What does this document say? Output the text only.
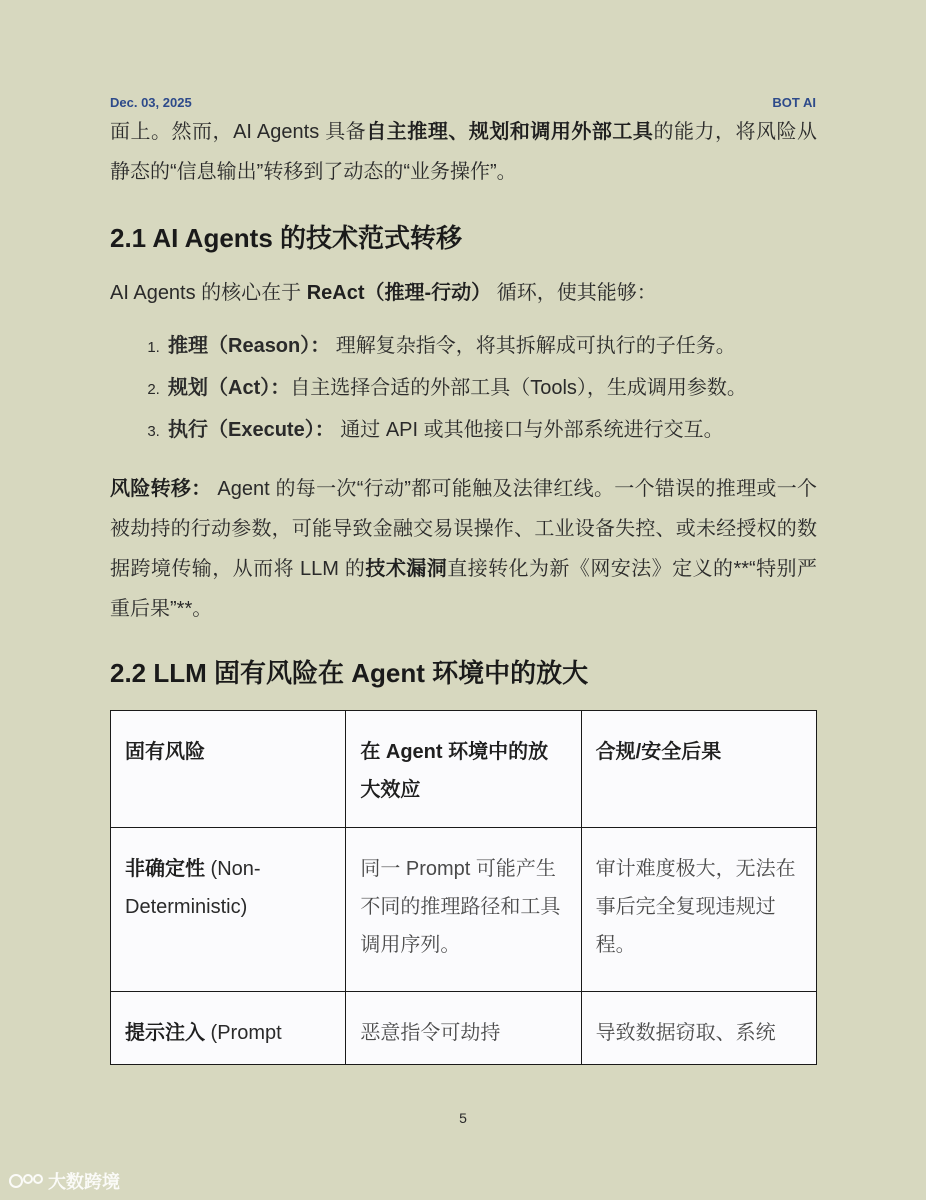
Dec. 03, 2025	BOT AI

面上。然而，AI Agents 具备自主推理、规划和调用外部工具的能力，将风险从静态的“信息输出”转移到了动态的“业务操作”。

2.1 AI Agents 的技术范式转移

AI Agents 的核心在于 ReAct（推理-行动） 循环，使其能够：

1. 推理（Reason）： 理解复杂指令，将其拆解成可执行的子任务。
2. 规划（Act）：自主选择合适的外部工具（Tools），生成调用参数。
3. 执行（Execute）： 通过 API 或其他接口与外部系统进行交互。

风险转移： Agent 的每一次“行动”都可能触及法律红线。一个错误的推理或一个被劫持的行动参数，可能导致金融交易误操作、工业设备失控、或未经授权的数据跨境传输，从而将 LLM 的技术漏洞直接转化为新《网安法》定义的**“特别严重后果”**。

2.2 LLM 固有风险在 Agent 环境中的放大
固有风险	在 Agent 环境中的放大效应	合规/安全后果
非确定性 (Non-Deterministic)	同一 Prompt 可能产生不同的推理路径和工具调用序列。	审计难度极大，无法在事后完全复现违规过程。
提示注入 (Prompt	恶意指令可劫持	导致数据窃取、系统
5
大数跨境
